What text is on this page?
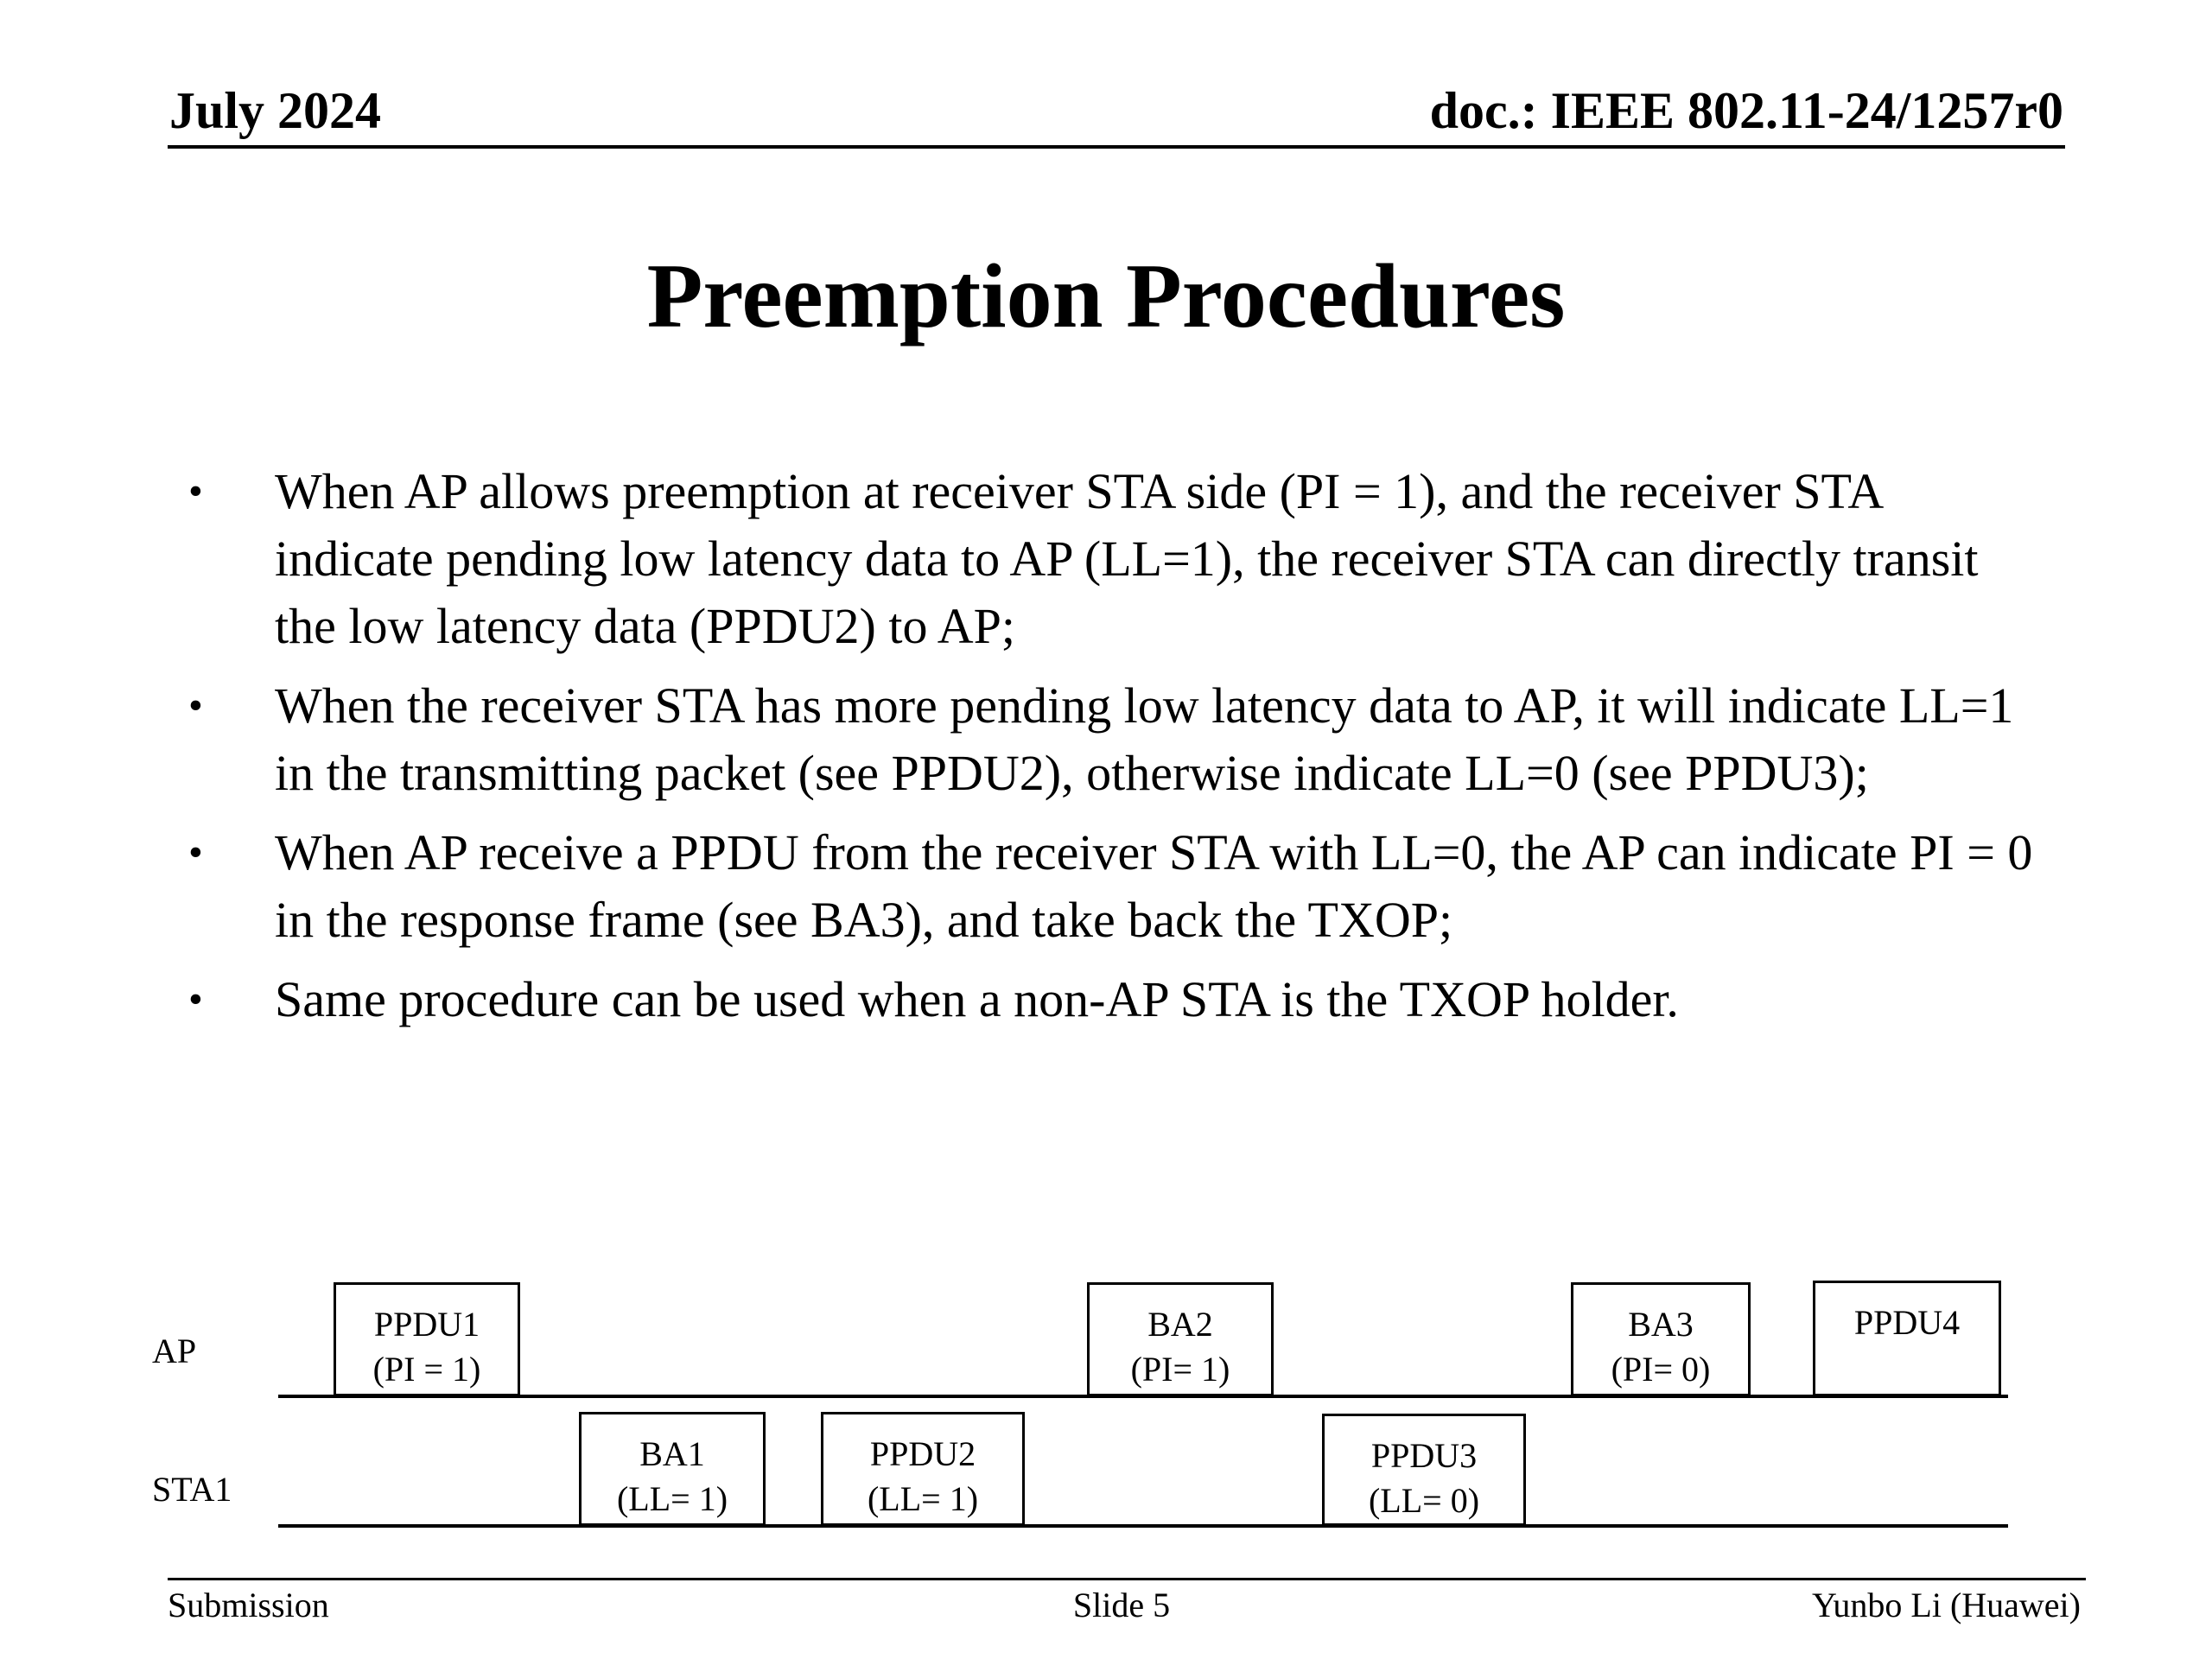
July 2024	doc.: IEEE 802.11-24/1257r0
Preemption Procedures
• When AP allows preemption at receiver STA side (PI = 1), and the receiver STA indicate pending low latency data to AP (LL=1), the receiver STA can directly transit the low latency data (PPDU2) to AP;
• When the receiver STA has more pending low latency data to AP, it will indicate LL=1 in the transmitting packet (see PPDU2), otherwise indicate LL=0 (see PPDU3);
• When AP receive a PPDU from the receiver STA with LL=0, the AP can indicate PI = 0 in the response frame (see BA3), and take back the TXOP;
• Same procedure can be used when a non-AP STA is the TXOP holder.
AP
STA1
PPDU1
(PI = 1)
BA2
(PI= 1)
BA3
(PI= 0)
PPDU4
BA1
(LL= 1)
PPDU2
(LL= 1)
PPDU3
(LL= 0)
Submission	Slide 5	Yunbo Li (Huawei)
